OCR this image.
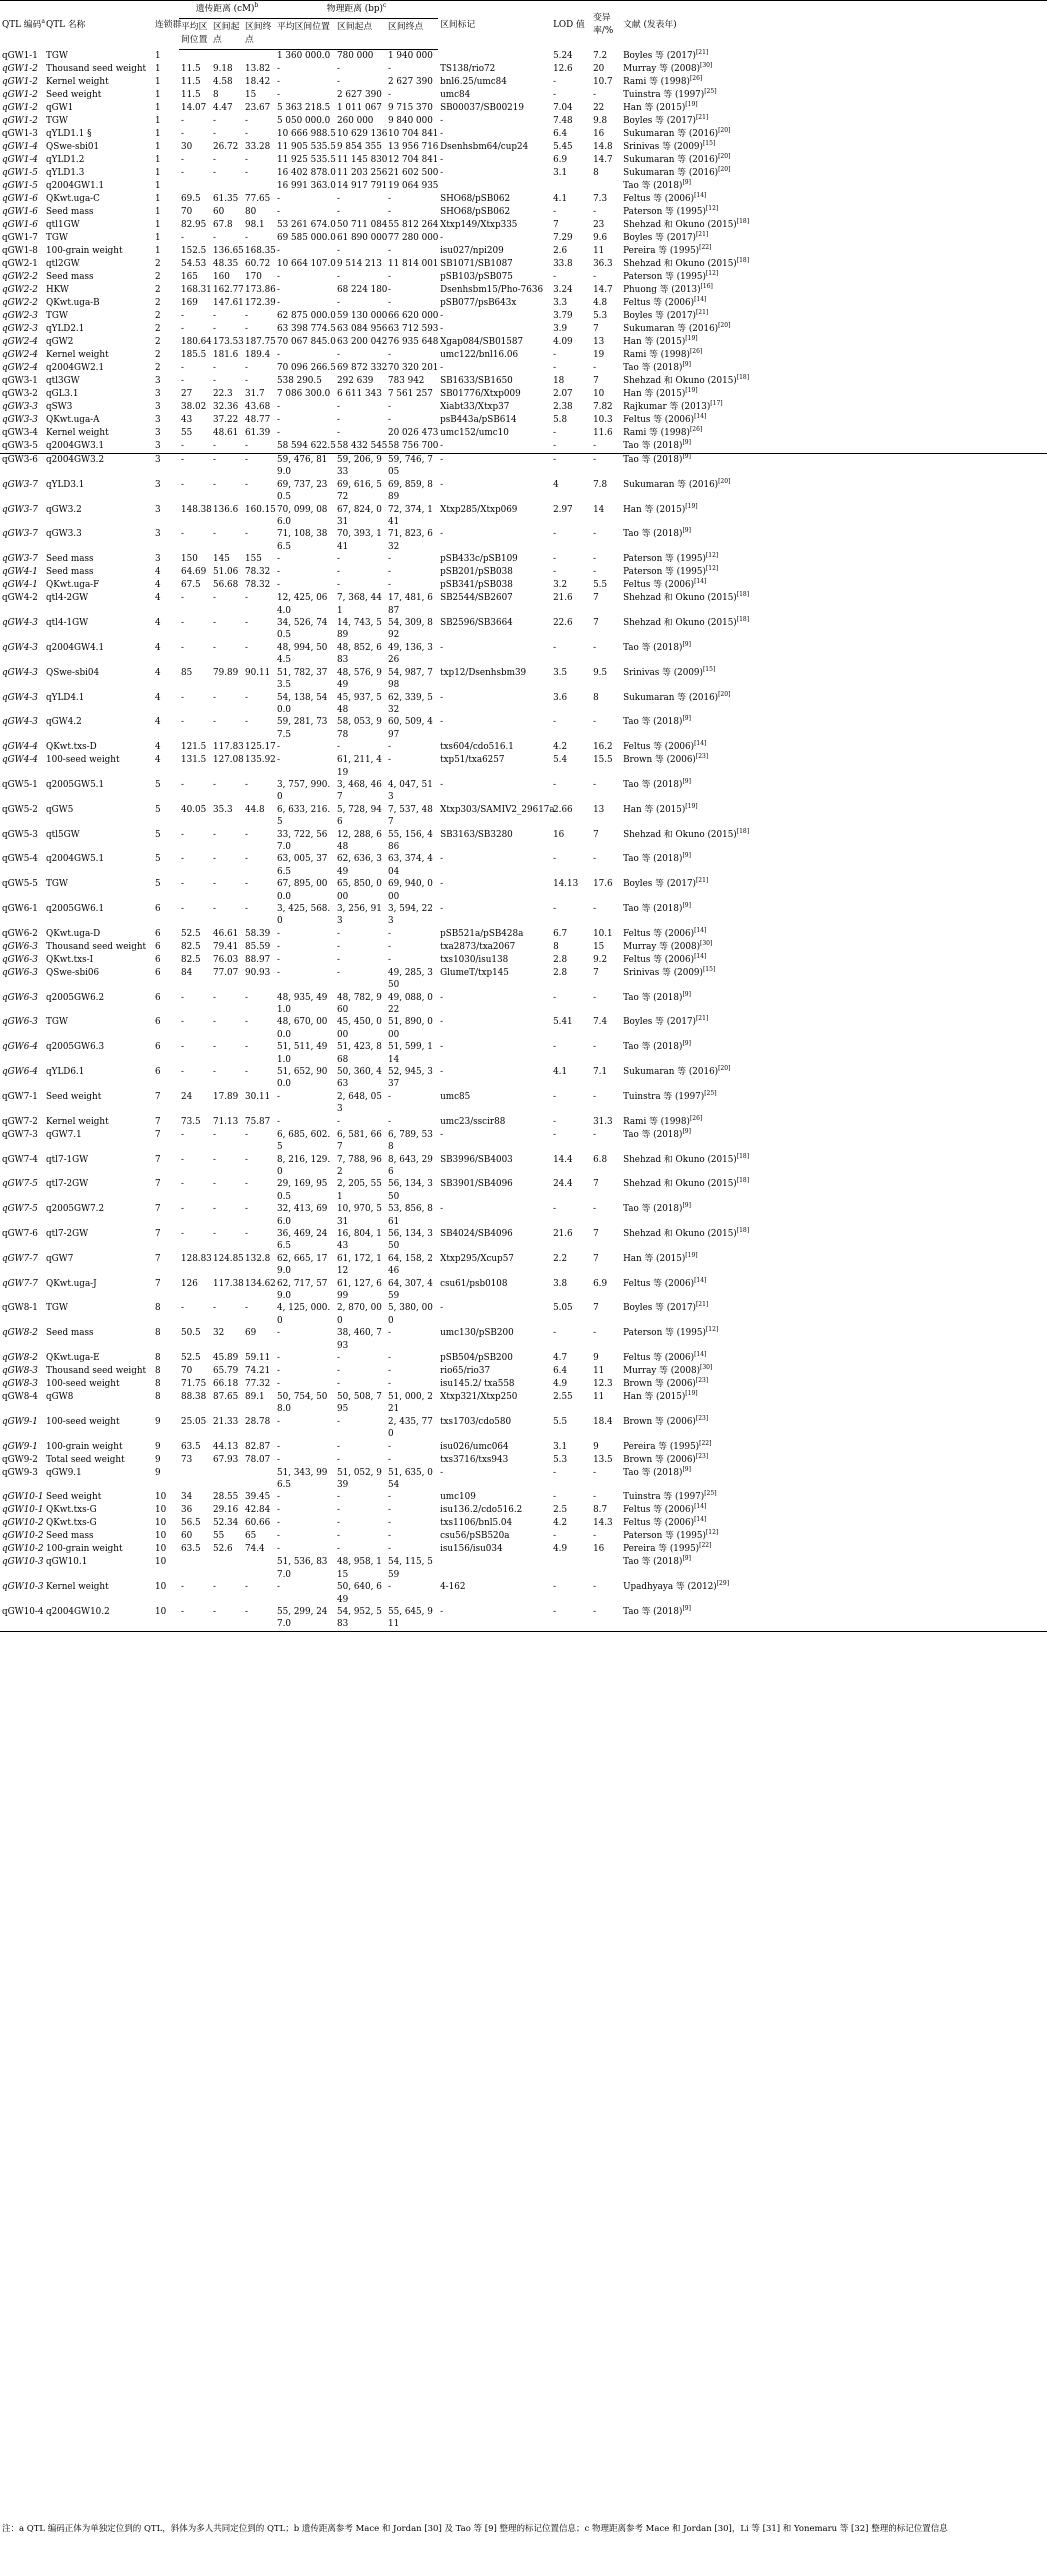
QTL 编码$^a$	QTL 名称	连锁群	遗传距离 (cM)$^b$			物理距离 (bp)$^c$			区间标记	LOD 值	变异率/%	文献 (发表年)
			平均区间位置	区间起点	区间终点	平均区间位置	区间起点	区间终点				
qGW1-1	TGW	1				1 360 000.0	780 000	1 940 000		5.24	7.2	Boyles 等 (2017)[21]
qGW1-2	Thousand seed weight	1	11.5	9.18	13.82	-	-	-	TS138/rio72	12.6	20	Murray 等 (2008)[30]
qGW1-2	Kernel weight	1	11.5	4.58	18.42	-	-	2 627 390	bnl6.25/umc84	-	10.7	Rami 等 (1998)[26]
qGW1-2	Seed weight	1	11.5	8	15	-	2 627 390	-	umc84	-	-	Tuinstra 等 (1997)[25]
qGW1-2	qGW1	1	14.07	4.47	23.67	5 363 218.5	1 011 067	9 715 370	SB00037/SB00219	7.04	22	Han 等 (2015)[19]
qGW1-2	TGW	1	-	-	-	5 050 000.0	260 000	9 840 000	-	7.48	9.8	Boyles 等 (2017)[21]
qGW1-3	qYLD1.1 §	1	-	-	-	10 666 988.5	10 629 136	10 704 841	-	6.4	16	Sukumaran 等 (2016)[20]
qGW1-4	QSwe-sbi01	1	30	26.72	33.28	11 905 535.5	9 854 355	13 956 716	Dsenhsbm64/cup24	5.45	14.8	Srinivas 等 (2009)[15]
qGW1-4	qYLD1.2	1	-	-	-	11 925 535.5	11 145 830	12 704 841	-	6.9	14.7	Sukumaran 等 (2016)[20]
qGW1-5	qYLD1.3	1	-	-	-	16 402 878.0	11 203 256	21 602 500	-	3.1	8	Sukumaran 等 (2016)[20]
qGW1-5	q2004GW1.1	1				16 991 363.0	14 917 791	19 064 935				Tao 等 (2018)[9]
qGW1-6	QKwt.uga-C	1	69.5	61.35	77.65	-	-	-	SHO68/pSB062	4.1	7.3	Feltus 等 (2006)[14]
qGW1-6	Seed mass	1	70	60	80	-	-	-	SHO68/pSB062	-	-	Paterson 等 (1995)[12]
qGW1-6	qtl1GW	1	82.95	67.8	98.1	53 261 674.0	50 711 084	55 812 264	Xtxp149/Xtxp335	7	23	Shehzad 和 Okuno (2015)[18]
qGW1-7	TGW	1	-	-	-	69 585 000.0	61 890 000	77 280 000	-	7.29	9.6	Boyles 等 (2017)[21]
qGW1-8	100-grain weight	1	152.5	136.65	168.35	-	-	-	isu027/npi209	2.6	11	Pereira 等 (1995)[22]
qGW2-1	qtl2GW	2	54.53	48.35	60.72	10 664 107.0	9 514 213	11 814 001	SB1071/SB1087	33.8	36.3	Shehzad 和 Okuno (2015)[18]
qGW2-2	Seed mass	2	165	160	170	-	-	-	pSB103/pSB075	-	-	Paterson 等 (1995)[12]
qGW2-2	HKW	2	168.31	162.77	173.86	-	68 224 180	-	Dsenhsbm15/Pho-7636	3.24	14.7	Phuong 等 (2013)[16]
qGW2-2	QKwt.uga-B	2	169	147.61	172.39	-	-	-	pSB077/psB643x	3.3	4.8	Feltus 等 (2006)[14]
qGW2-3	TGW	2	-	-	-	62 875 000.0	59 130 000	66 620 000	-	3.79	5.3	Boyles 等 (2017)[21]
qGW2-3	qYLD2.1	2	-	-	-	63 398 774.5	63 084 956	63 712 593	-	3.9	7	Sukumaran 等 (2016)[20]
qGW2-4	qGW2	2	180.64	173.53	187.75	70 067 845.0	63 200 042	76 935 648	Xgap084/SB01587	4.09	13	Han 等 (2015)[19]
qGW2-4	Kernel weight	2	185.5	181.6	189.4	-	-	-	umc122/bnl16.06	-	19	Rami 等 (1998)[26]
qGW2-4	q2004GW2.1	2	-	-	-	70 096 266.5	69 872 332	70 320 201	-	-	-	Tao 等 (2018)[9]
qGW3-1	qtl3GW	3	-	-	-	538 290.5	292 639	783 942	SB1633/SB1650	18	7	Shehzad 和 Okuno (2015)[18]
qGW3-2	qGL3.1	3	27	22.3	31.7	7 086 300.0	6 611 343	7 561 257	SB01776/Xtxp009	2.07	10	Han 等 (2015)[19]
qGW3-3	qSW3	3	38.02	32.36	43.68	-	-	-	Xiabt33/Xtxp37	2.38	7.82	Rajkumar 等 (2013)[17]
qGW3-3	QKwt.uga-A	3	43	37.22	48.77	-	-	-	psB443a/pSB614	5.8	10.3	Feltus 等 (2006)[14]
qGW3-4	Kernel weight	3	55	48.61	61.39	-	-	20 026 473	umc152/umc10	-	11.6	Rami 等 (1998)[26]
qGW3-5	q2004GW3.1	3	-	-	-	58 594 622.5	58 432 545	58 756 700	-	-	-	Tao 等 (2018)[9]
qGW3-6	q2004GW3.2	3	-	-	-	59, 476, 819.0	59, 206, 933	59, 746, 705	-	-	-	Tao 等 (2018)[9]
qGW3-7	qYLD3.1	3	-	-	-	69, 737, 230.5	69, 616, 572	69, 859, 889	-	4	7.8	Sukumaran 等 (2016)[20]
qGW3-7	qGW3.2	3	148.38	136.6	160.15	70, 099, 086.0	67, 824, 031	72, 374, 141	Xtxp285/Xtxp069	2.97	14	Han 等 (2015)[19]
qGW3-7	qGW3.3	3	-	-	-	71, 108, 386.5	70, 393, 141	71, 823, 632	-	-	-	Tao 等 (2018)[9]
qGW3-7	Seed mass	3	150	145	155	-	-	-	pSB433c/pSB109	-	-	Paterson 等 (1995)[12]
qGW4-1	Seed mass	4	64.69	51.06	78.32	-	-	-	pSB201/pSB038	-	-	Paterson 等 (1995)[12]
qGW4-1	QKwt.uga-F	4	67.5	56.68	78.32	-	-	-	pSB341/pSB038	3.2	5.5	Feltus 等 (2006)[14]
qGW4-2	qtl4-2GW	4	-	-	-	12, 425, 064.0	7, 368, 441	17, 481, 687	SB2544/SB2607	21.6	7	Shehzad 和 Okuno (2015)[18]
qGW4-3	qtl4-1GW	4	-	-	-	34, 526, 740.5	14, 743, 589	54, 309, 892	SB2596/SB3664	22.6	7	Shehzad 和 Okuno (2015)[18]
qGW4-3	q2004GW4.1	4	-	-	-	48, 994, 504.5	48, 852, 683	49, 136, 326	-	-	-	Tao 等 (2018)[9]
qGW4-3	QSwe-sbi04	4	85	79.89	90.11	51, 782, 373.5	48, 576, 949	54, 987, 798	txp12/Dsenhsbm39	3.5	9.5	Srinivas 等 (2009)[15]
qGW4-3	qYLD4.1	4	-	-	-	54, 138, 540.0	45, 937, 548	62, 339, 532	-	3.6	8	Sukumaran 等 (2016)[20]
qGW4-3	qGW4.2	4	-	-	-	59, 281, 737.5	58, 053, 978	60, 509, 497	-	-	-	Tao 等 (2018)[9]
qGW4-4	QKwt.txs-D	4	121.5	117.83	125.17	-	-	-	txs604/cdo516.1	4.2	16.2	Feltus 等 (2006)[14]
qGW4-4	100-seed weight	4	131.5	127.08	135.92	-	61, 211, 419	-	txp51/txa6257	5.4	15.5	Brown 等 (2006)[23]
qGW5-1	q2005GW5.1	5	-	-	-	3, 757, 990.0	3, 468, 467	4, 047, 513	-	-	-	Tao 等 (2018)[9]
qGW5-2	qGW5	5	40.05	35.3	44.8	6, 633, 216.5	5, 728, 946	7, 537, 487	Xtxp303/SAMIV2_29617a	2.66	13	Han 等 (2015)[19]
qGW5-3	qtl5GW	5	-	-	-	33, 722, 567.0	12, 288, 648	55, 156, 486	SB3163/SB3280	16	7	Shehzad 和 Okuno (2015)[18]
qGW5-4	q2004GW5.1	5	-	-	-	63, 005, 376.5	62, 636, 349	63, 374, 404	-	-	-	Tao 等 (2018)[9]
qGW5-5	TGW	5	-	-	-	67, 895, 000.0	65, 850, 000	69, 940, 000	-	14.13	17.6	Boyles 等 (2017)[21]
qGW6-1	q2005GW6.1	6	-	-	-	3, 425, 568.0	3, 256, 913	3, 594, 223	-	-	-	Tao 等 (2018)[9]
qGW6-2	QKwt.uga-D	6	52.5	46.61	58.39	-	-	-	pSB521a/pSB428a	6.7	10.1	Feltus 等 (2006)[14]
qGW6-3	Thousand seed weight	6	82.5	79.41	85.59	-	-	-	txa2873/txa2067	8	15	Murray 等 (2008)[30]
qGW6-3	QKwt.txs-I	6	82.5	76.03	88.97	-	-	-	txs1030/isu138	2.8	9.2	Feltus 等 (2006)[14]
qGW6-3	QSwe-sbi06	6	84	77.07	90.93	-	-	49, 285, 350	GlumeT/txp145	2.8	7	Srinivas 等 (2009)[15]
qGW6-3	q2005GW6.2	6	-	-	-	48, 935, 491.0	48, 782, 960	49, 088, 022	-	-	-	Tao 等 (2018)[9]
qGW6-3	TGW	6	-	-	-	48, 670, 000.0	45, 450, 000	51, 890, 000	-	5.41	7.4	Boyles 等 (2017)[21]
qGW6-4	q2005GW6.3	6	-	-	-	51, 511, 491.0	51, 423, 868	51, 599, 114	-	-	-	Tao 等 (2018)[9]
qGW6-4	qYLD6.1	6	-	-	-	51, 652, 900.0	50, 360, 463	52, 945, 337	-	4.1	7.1	Sukumaran 等 (2016)[20]
qGW7-1	Seed weight	7	24	17.89	30.11	-	2, 648, 053	-	umc85	-	-	Tuinstra 等 (1997)[25]
qGW7-2	Kernel weight	7	73.5	71.13	75.87	-	-	-	umc23/sscir88	-	31.3	Rami 等 (1998)[26]
qGW7-3	qGW7.1	7	-	-	-	6, 685, 602.5	6, 581, 667	6, 789, 538	-	-	-	Tao 等 (2018)[9]
qGW7-4	qtl7-1GW	7	-	-	-	8, 216, 129.0	7, 788, 962	8, 643, 296	SB3996/SB4003	14.4	6.8	Shehzad 和 Okuno (2015)[18]
qGW7-5	qtl7-2GW	7	-	-	-	29, 169, 950.5	2, 205, 551	56, 134, 350	SB3901/SB4096	24.4	7	Shehzad 和 Okuno (2015)[18]
qGW7-5	q2005GW7.2	7	-	-	-	32, 413, 696.0	10, 970, 531	53, 856, 861	-	-	-	Tao 等 (2018)[9]
qGW7-6	qtl7-2GW	7	-	-	-	36, 469, 246.5	16, 804, 143	56, 134, 350	SB4024/SB4096	21.6	7	Shehzad 和 Okuno (2015)[18]
qGW7-7	qGW7	7	128.83	124.85	132.8	62, 665, 179.0	61, 172, 112	64, 158, 246	Xtxp295/Xcup57	2.2	7	Han 等 (2015)[19]
qGW7-7	QKwt.uga-J	7	126	117.38	134.62	62, 717, 579.0	61, 127, 699	64, 307, 459	csu61/psb0108	3.8	6.9	Feltus 等 (2006)[14]
qGW8-1	TGW	8	-	-	-	4, 125, 000.0	2, 870, 000	5, 380, 000	-	5.05	7	Boyles 等 (2017)[21]
qGW8-2	Seed mass	8	50.5	32	69	-	38, 460, 793	-	umc130/pSB200	-	-	Paterson 等 (1995)[12]
qGW8-2	QKwt.uga-E	8	52.5	45.89	59.11	-	-	-	pSB504/pSB200	4.7	9	Feltus 等 (2006)[14]
qGW8-3	Thousand seed weight	8	70	65.79	74.21	-	-	-	rio65/rio37	6.4	11	Murray 等 (2008)[30]
qGW8-3	100-seed weight	8	71.75	66.18	77.32	-	-	-	isu145.2/ txa558	4.9	12.3	Brown 等 (2006)[23]
qGW8-4	qGW8	8	88.38	87.65	89.1	50, 754, 508.0	50, 508, 795	51, 000, 221	Xtxp321/Xtxp250	2.55	11	Han 等 (2015)[19]
qGW9-1	100-seed weight	9	25.05	21.33	28.78	-	-	2, 435, 770	txs1703/cdo580	5.5	18.4	Brown 等 (2006)[23]
qGW9-1	100-grain weight	9	63.5	44.13	82.87	-	-	-	isu026/umc064	3.1	9	Pereira 等 (1995)[22]
qGW9-2	Total seed weight	9	73	67.93	78.07	-	-	-	txs3716/txs943	5.3	13.5	Brown 等 (2006)[23]
qGW9-3	qGW9.1	9				51, 343, 996.5	51, 052, 939	51, 635, 054	-	-	-	Tao 等 (2018)[9]
qGW10-1	Seed weight	10	34	28.55	39.45	-	-	-	umc109	-	-	Tuinstra 等 (1997)[25]
qGW10-1	QKwt.txs-G	10	36	29.16	42.84	-	-	-	isu136.2/cdo516.2	2.5	8.7	Feltus 等 (2006)[14]
qGW10-2	QKwt.txs-G	10	56.5	52.34	60.66	-	-	-	txs1106/bnl5.04	4.2	14.3	Feltus 等 (2006)[14]
qGW10-2	Seed mass	10	60	55	65	-	-	-	csu56/pSB520a	-	-	Paterson 等 (1995)[12]
qGW10-2	100-grain weight	10	63.5	52.6	74.4	-	-	-	isu156/isu034	4.9	16	Pereira 等 (1995)[22]
qGW10-3	qGW10.1	10				51, 536, 837.0	48, 958, 115	54, 115, 559				Tao 等 (2018)[9]
qGW10-3	Kernel weight	10	-	-	-	-	50, 640, 649	-	4-162	-	-	Upadhyaya 等 (2012)[29]
qGW10-4	q2004GW10.2	10	-	-	-	55, 299, 247.0	54, 952, 583	55, 645, 911	-	-	-	Tao 等 (2018)[9]
注：a QTL 编码正体为单独定位到的 QTL，斜体为多人共同定位到的 QTL；b 遗传距离参考 Mace 和 Jordan [30] 及 Tao 等 [9] 整理的标记位置信息；c 物理距离参考 Mace 和 Jordan [30]，Li 等 [31] 和 Yonemaru 等 [32] 整理的标记位置信息
